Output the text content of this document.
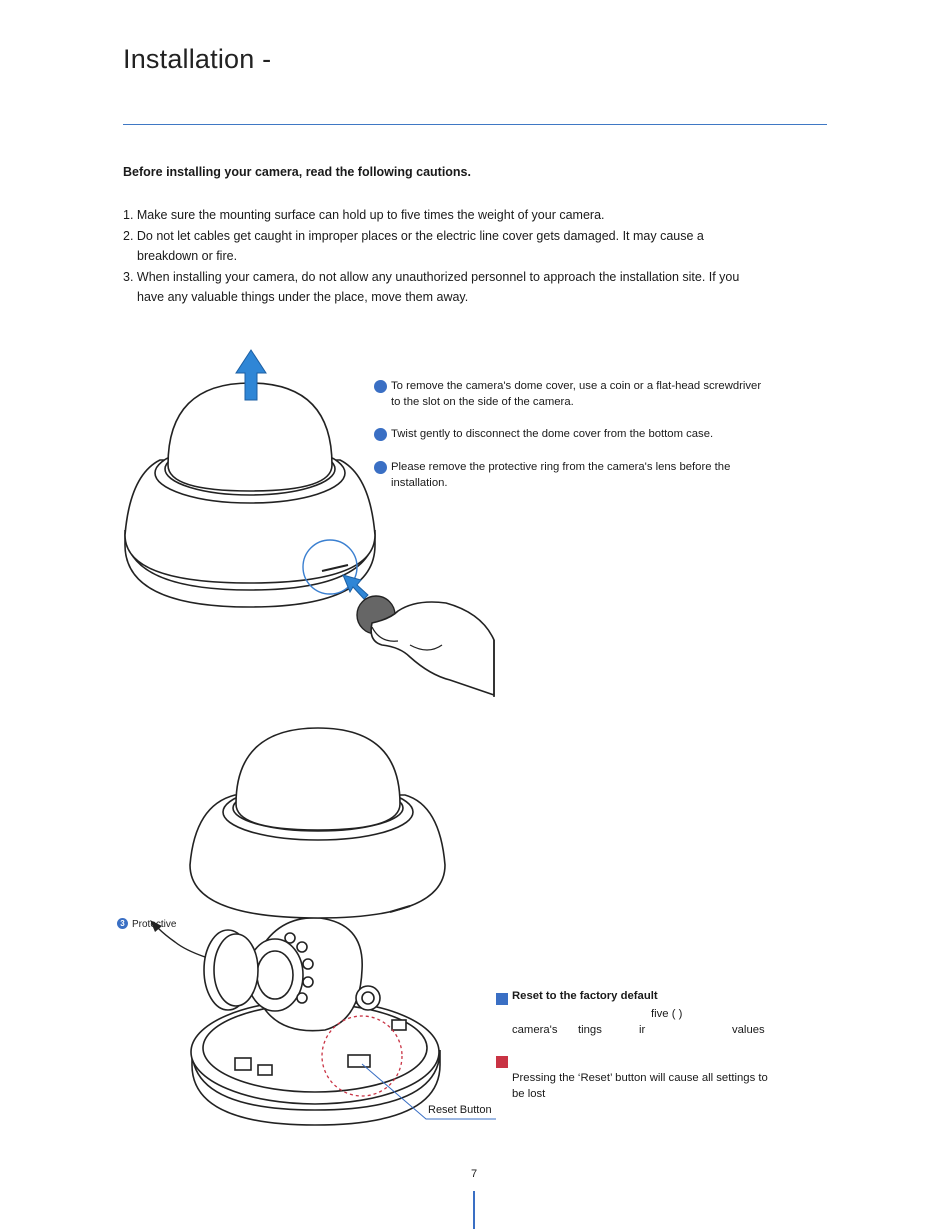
Installation -
Before installing your camera, read the following cautions.
1. Make sure the mounting surface can hold up to five times the weight of your camera.
2. Do not let cables get caught in improper places or the electric line cover gets damaged. It may cause a breakdown or fire.
3. When installing your camera, do not allow any unauthorized personnel to approach the installation site. If you have any valuable things under the place, move them away.
To remove the camera's dome cover, use a coin or a flat-head screwdriver to the slot on the side of the camera.
Twist gently to disconnect the dome cover from the bottom case.
Please remove the protective ring from the camera's lens before the installation.
3 Protective
Reset Button
Reset to the factory default
five ( )
camera's tings	ir	values
Pressing the ‘Reset’ button will cause all settings to be lost
7
